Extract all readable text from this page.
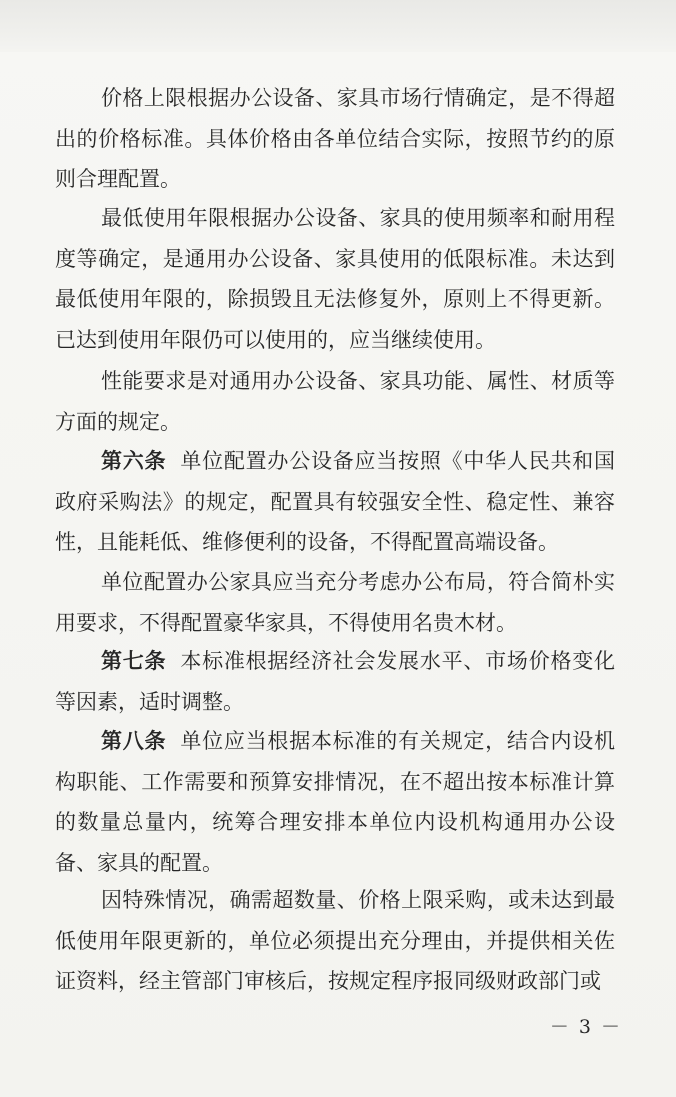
价格上限根据办公设备、家具市场行情确定，是不得超出的价格标准。具体价格由各单位结合实际，按照节约的原则合理配置。

最低使用年限根据办公设备、家具的使用频率和耐用程度等确定，是通用办公设备、家具使用的低限标准。未达到最低使用年限的，除损毁且无法修复外，原则上不得更新。已达到使用年限仍可以使用的，应当继续使用。

性能要求是对通用办公设备、家具功能、属性、材质等方面的规定。

第六条 单位配置办公设备应当按照《中华人民共和国政府采购法》的规定，配置具有较强安全性、稳定性、兼容性，且能耗低、维修便利的设备，不得配置高端设备。

单位配置办公家具应当充分考虑办公布局，符合简朴实用要求，不得配置豪华家具，不得使用名贵木材。

第七条 本标准根据经济社会发展水平、市场价格变化等因素，适时调整。

第八条 单位应当根据本标准的有关规定，结合内设机构职能、工作需要和预算安排情况，在不超出按本标准计算的数量总量内，统筹合理安排本单位内设机构通用办公设备、家具的配置。

因特殊情况，确需超数量、价格上限采购，或未达到最低使用年限更新的，单位必须提出充分理由，并提供相关佐证资料，经主管部门审核后，按规定程序报同级财政部门或

－ 3 －
